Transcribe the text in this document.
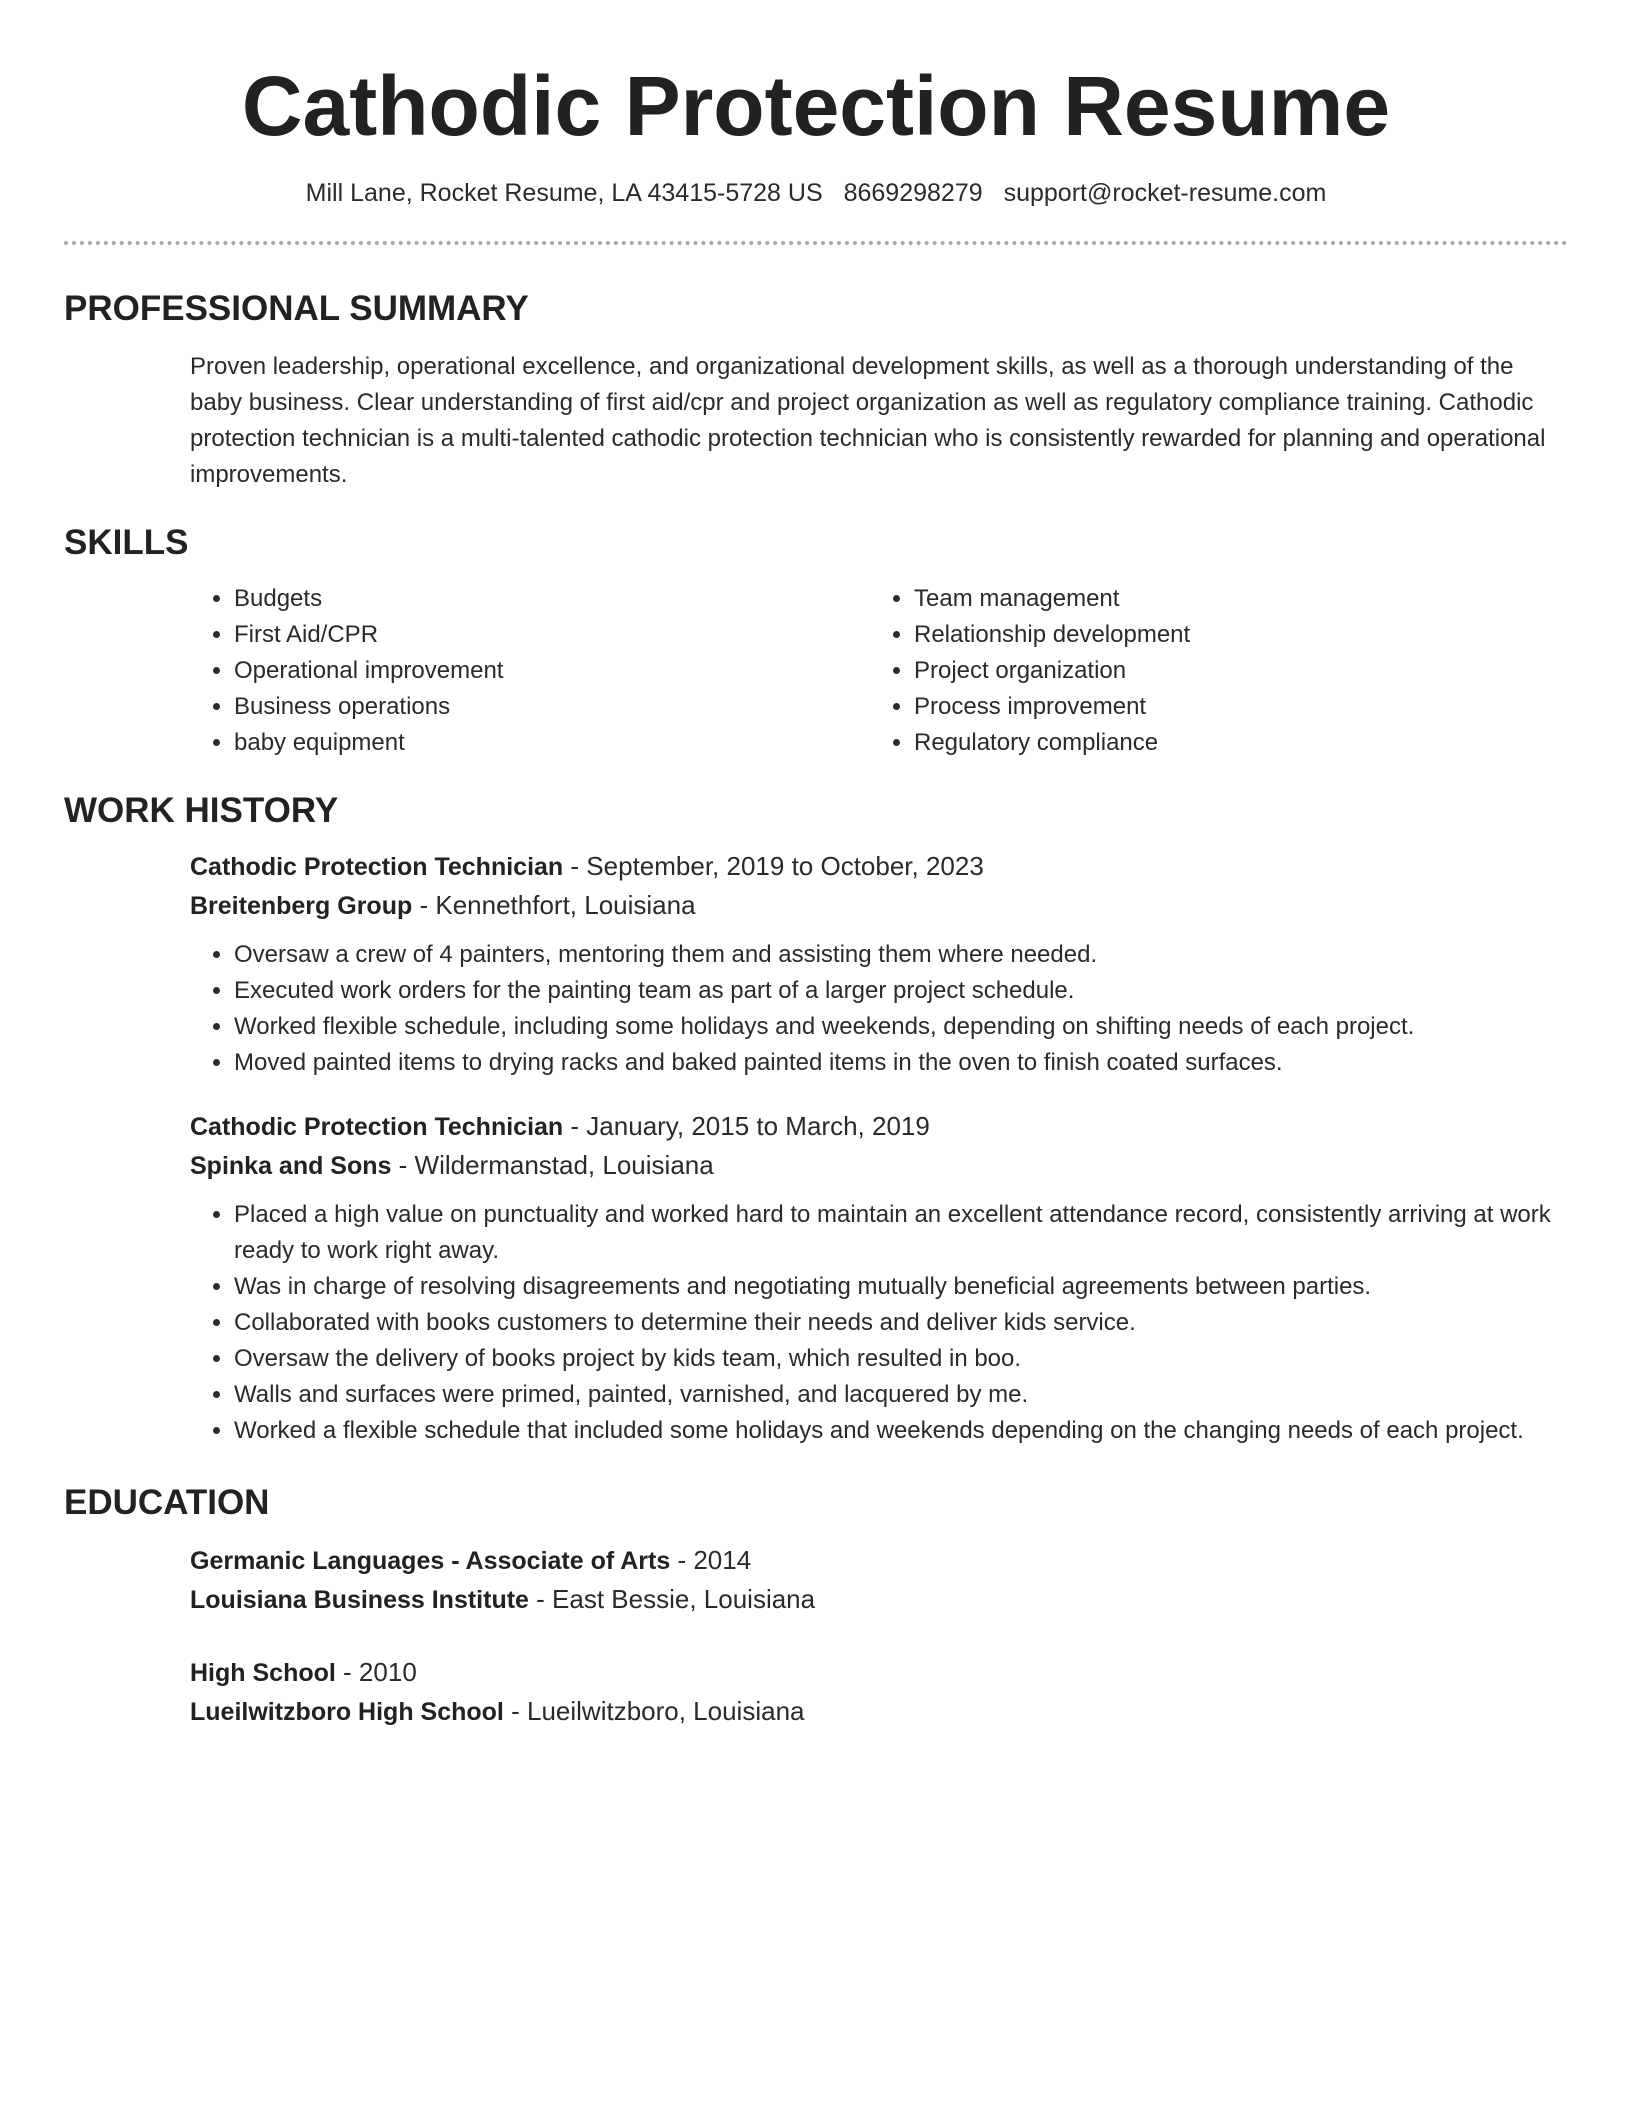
Cathodic Protection Resume
Mill Lane, Rocket Resume, LA 43415-5728 US 8669298279 support@rocket-resume.com
PROFESSIONAL SUMMARY
Proven leadership, operational excellence, and organizational development skills, as well as a thorough understanding of the baby business. Clear understanding of first aid/cpr and project organization as well as regulatory compliance training. Cathodic protection technician is a multi-talented cathodic protection technician who is consistently rewarded for planning and operational improvements.
SKILLS
• Budgets
• First Aid/CPR
• Operational improvement
• Business operations
• baby equipment
• Team management
• Relationship development
• Project organization
• Process improvement
• Regulatory compliance
WORK HISTORY
Cathodic Protection Technician - September, 2019 to October, 2023
Breitenberg Group - Kennethfort, Louisiana
• Oversaw a crew of 4 painters, mentoring them and assisting them where needed.
• Executed work orders for the painting team as part of a larger project schedule.
• Worked flexible schedule, including some holidays and weekends, depending on shifting needs of each project.
• Moved painted items to drying racks and baked painted items in the oven to finish coated surfaces.
Cathodic Protection Technician - January, 2015 to March, 2019
Spinka and Sons - Wildermanstad, Louisiana
• Placed a high value on punctuality and worked hard to maintain an excellent attendance record, consistently arriving at work ready to work right away.
• Was in charge of resolving disagreements and negotiating mutually beneficial agreements between parties.
• Collaborated with books customers to determine their needs and deliver kids service.
• Oversaw the delivery of books project by kids team, which resulted in boo.
• Walls and surfaces were primed, painted, varnished, and lacquered by me.
• Worked a flexible schedule that included some holidays and weekends depending on the changing needs of each project.
EDUCATION
Germanic Languages - Associate of Arts - 2014
Louisiana Business Institute - East Bessie, Louisiana
High School - 2010
Lueilwitzboro High School - Lueilwitzboro, Louisiana
